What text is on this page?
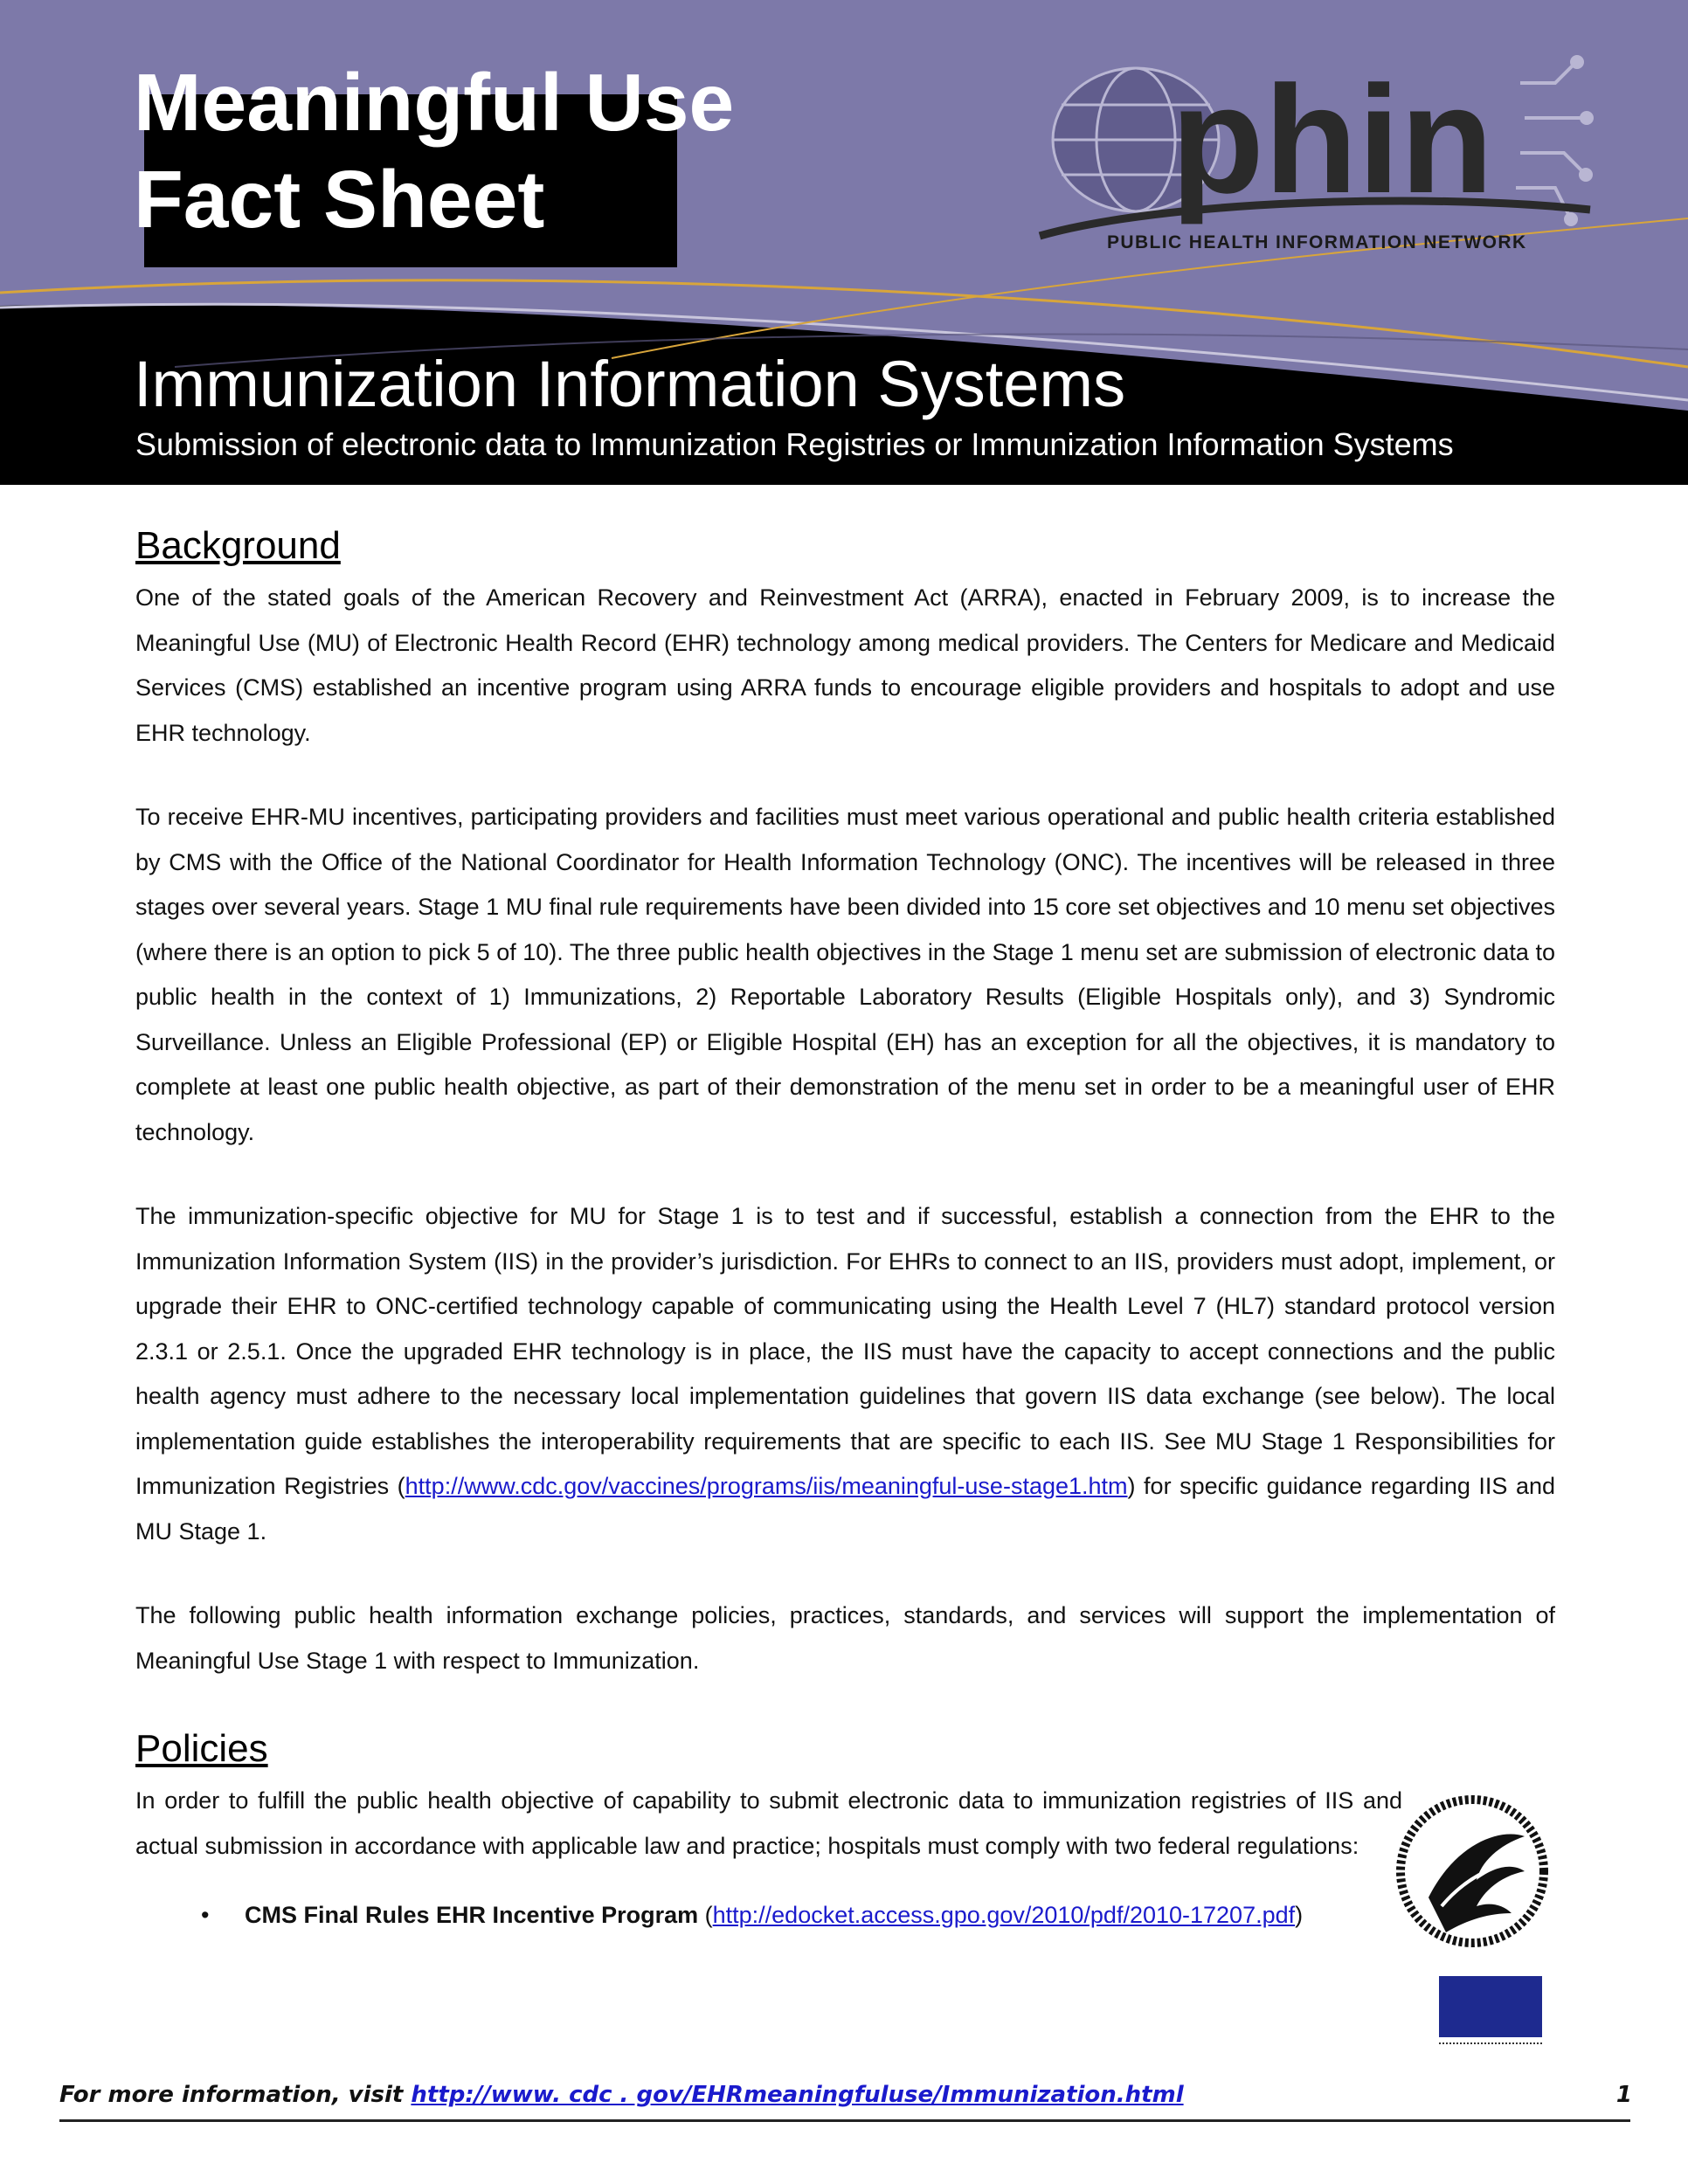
Meaningful Use
Fact Sheet	phin
PUBLIC HEALTH INFORMATION NETWORK
Immunization Information Systems

Submission of electronic data to Immunization Registries or Immunization Information Systems

Background

One of the stated goals of the American Recovery and Reinvestment Act (ARRA), enacted in February 2009, is to increase the Meaningful Use (MU) of Electronic Health Record (EHR) technology among medical providers. The Centers for Medicare and Medicaid Services (CMS) established an incentive program using ARRA funds to encourage eligible providers and hospitals to adopt and use EHR technology.

To receive EHR-MU incentives, participating providers and facilities must meet various operational and public health criteria established by CMS with the Office of the National Coordinator for Health Information Technology (ONC). The incentives will be released in three stages over several years. Stage 1 MU final rule requirements have been divided into 15 core set objectives and 10 menu set objectives (where there is an option to pick 5 of 10). The three public health objectives in the Stage 1 menu set are submission of electronic data to public health in the context of 1) Immunizations, 2) Reportable Laboratory Results (Eligible Hospitals only), and 3) Syndromic Surveillance. Unless an Eligible Professional (EP) or Eligible Hospital (EH) has an exception for all the objectives, it is mandatory to complete at least one public health objective, as part of their demonstration of the menu set in order to be a meaningful user of EHR technology.

The immunization-specific objective for MU for Stage 1 is to test and if successful, establish a connection from the EHR to the Immunization Information System (IIS) in the provider’s jurisdiction. For EHRs to connect to an IIS, providers must adopt, implement, or upgrade their EHR to ONC-certified technology capable of communicating using the Health Level 7 (HL7) standard protocol version 2.3.1 or 2.5.1. Once the upgraded EHR technology is in place, the IIS must have the capacity to accept connections and the public health agency must adhere to the necessary local implementation guidelines that govern IIS data exchange (see below). The local implementation guide establishes the interoperability requirements that are specific to each IIS. See MU Stage 1 Responsibilities for Immunization Registries (http://www.cdc.gov/vaccines/programs/iis/meaningful-use-stage1.htm) for specific guidance regarding IIS and MU Stage 1.

The following public health information exchange policies, practices, standards, and services will support the implementation of Meaningful Use Stage 1 with respect to Immunization.

Policies

In order to fulfill the public health objective of capability to submit electronic data to immunization registries of IIS and actual submission in accordance with applicable law and practice; hospitals must comply with two federal regulations:

• CMS Final Rules EHR Incentive Program (http://edocket.access.gpo.gov/2010/pdf/2010-17207.pdf)
For more information, visit http://www. cdc . gov/EHRmeaningfuluse/Immunization.html	1
